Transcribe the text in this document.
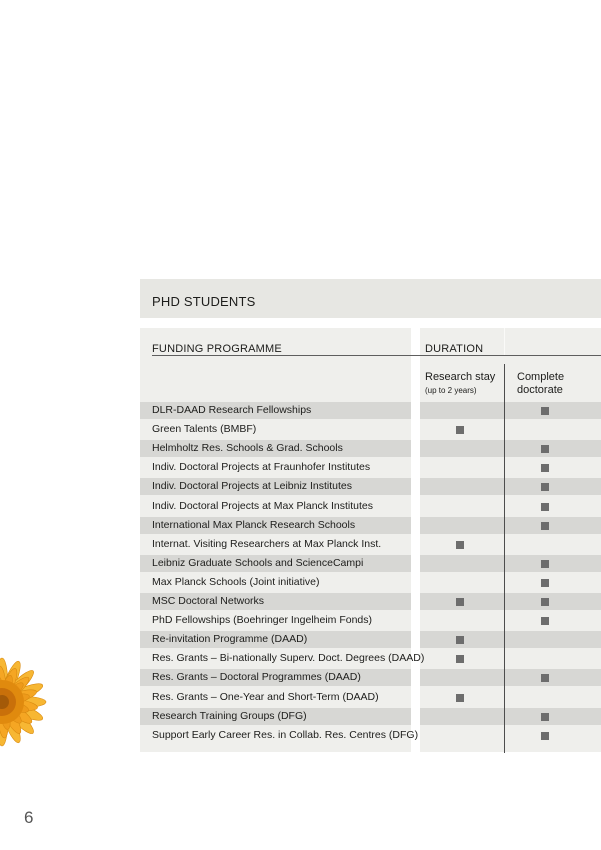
PHD STUDENTS
FUNDING PROGRAMME	DURATION
Research stay
(up to 2 years)
Complete
doctorate
DLR-DAAD Research Fellowships
Green Talents (BMBF)
Helmholtz Res. Schools & Grad. Schools
Indiv. Doctoral Projects at Fraunhofer Institutes
Indiv. Doctoral Projects at Leibniz Institutes
Indiv. Doctoral Projects at Max Planck Institutes
International Max Planck Research Schools
Internat. Visiting Researchers at Max Planck Inst.
Leibniz Graduate Schools and ScienceCampi
Max Planck Schools (Joint initiative)
MSC Doctoral Networks
PhD Fellowships (Boehringer Ingelheim Fonds)
Re-invitation Programme (DAAD)
Res. Grants – Bi-nationally Superv. Doct. Degrees (DAAD)
Res. Grants – Doctoral Programmes (DAAD)
Res. Grants – One-Year and Short-Term (DAAD)
Research Training Groups (DFG)
Support Early Career Res. in Collab. Res. Centres (DFG)
6
